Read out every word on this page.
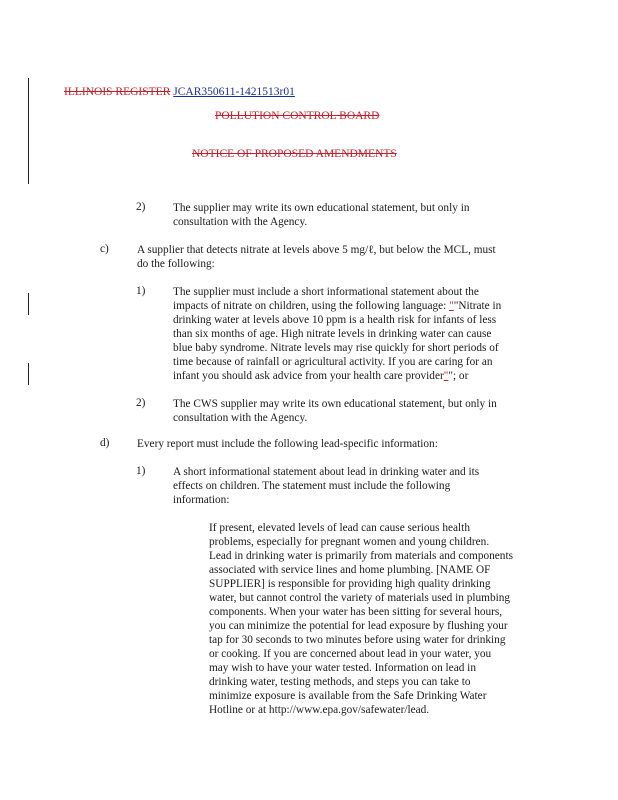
ILLINOIS REGISTER JCAR350611-1421513r01
POLLUTION CONTROL BOARD
NOTICE OF PROPOSED AMENDMENTS
2) The supplier may write its own educational statement, but only in
consultation with the Agency.
c) A supplier that detects nitrate at levels above 5 mg/ℓ, but below the MCL, must
do the following:
1) The supplier must include a short informational statement about the
impacts of nitrate on children, using the following language: ""Nitrate in
drinking water at levels above 10 ppm is a health risk for infants of less
than six months of age. High nitrate levels in drinking water can cause
blue baby syndrome. Nitrate levels may rise quickly for short periods of
time because of rainfall or agricultural activity. If you are caring for an
infant you should ask advice from your health care provider""; or
2) The CWS supplier may write its own educational statement, but only in
consultation with the Agency.
d) Every report must include the following lead-specific information:
1) A short informational statement about lead in drinking water and its
effects on children. The statement must include the following
information:
If present, elevated levels of lead can cause serious health
problems, especially for pregnant women and young children.
Lead in drinking water is primarily from materials and components
associated with service lines and home plumbing. [NAME OF
SUPPLIER] is responsible for providing high quality drinking
water, but cannot control the variety of materials used in plumbing
components. When your water has been sitting for several hours,
you can minimize the potential for lead exposure by flushing your
tap for 30 seconds to two minutes before using water for drinking
or cooking. If you are concerned about lead in your water, you
may wish to have your water tested. Information on lead in
drinking water, testing methods, and steps you can take to
minimize exposure is available from the Safe Drinking Water
Hotline or at http://www.epa.gov/safewater/lead.
